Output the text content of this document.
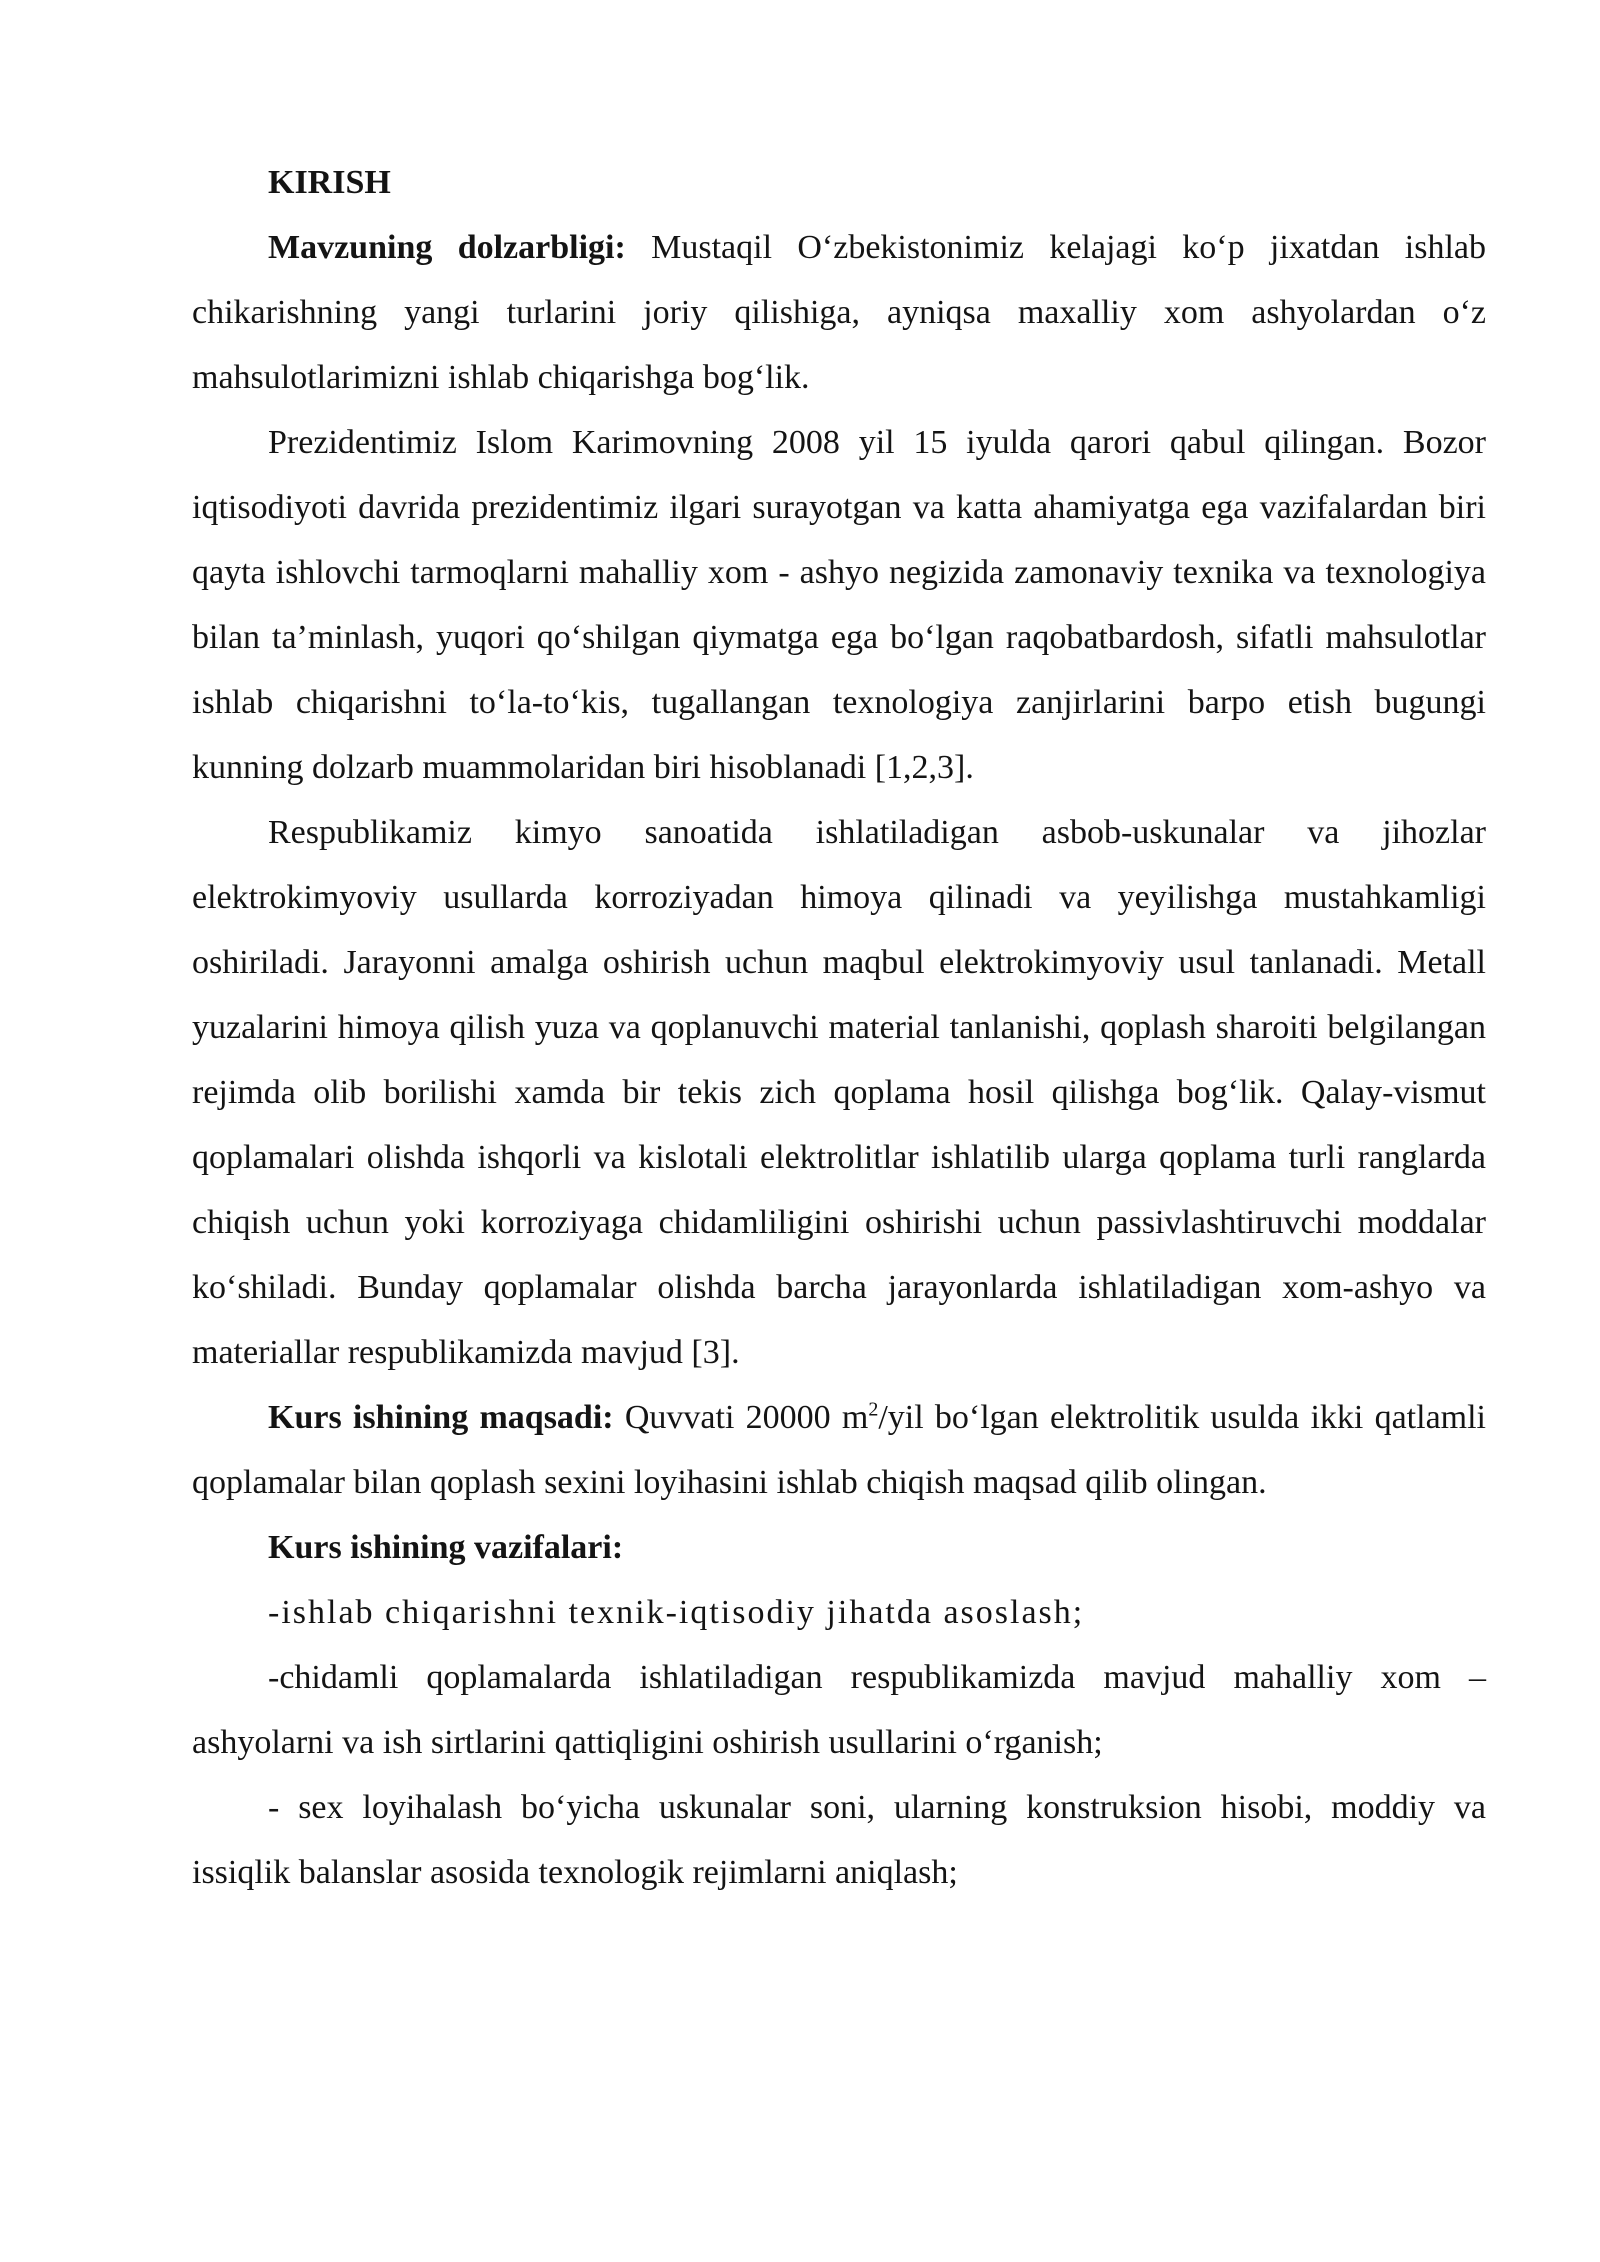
KIRISH

Mavzuning dolzarbligi: Mustaqil O‘zbekistonimiz kelajagi ko‘p jixatdan ishlab chikarishning yangi turlarini joriy qilishiga, ayniqsa maxalliy xom ashyolardan o‘z mahsulotlarimizni ishlab chiqarishga bog‘lik.

Prezidentimiz Islom Karimovning 2008 yil 15 iyulda qarori qabul qilingan. Bozor iqtisodiyoti davrida prezidentimiz ilgari surayotgan va katta ahamiyatga ega vazifalardan biri qayta ishlovchi tarmoqlarni mahalliy xom - ashyo negizida zamonaviy texnika va texnologiya bilan ta’minlash, yuqori qo‘shilgan qiymatga ega bo‘lgan raqobatbardosh, sifatli mahsulotlar ishlab chiqarishni to‘la-to‘kis, tugallangan texnologiya zanjirlarini barpo etish bugungi kunning dolzarb muammolaridan biri hisoblanadi [1,2,3].

Respublikamiz kimyo sanoatida ishlatiladigan asbob-uskunalar va jihozlar elektrokimyoviy usullarda korroziyadan himoya qilinadi va yeyilishga mustahkamligi oshiriladi. Jarayonni amalga oshirish uchun maqbul elektrokimyoviy usul tanlanadi. Metall yuzalarini himoya qilish yuza va qoplanuvchi material tanlanishi, qoplash sharoiti belgilangan rejimda olib borilishi xamda bir tekis zich qoplama hosil qilishga bog‘lik. Qalay-vismut qoplamalari olishda ishqorli va kislotali elektrolitlar ishlatilib ularga qoplama turli ranglarda chiqish uchun yoki korroziyaga chidamliligini oshirishi uchun passivlashtiruvchi moddalar ko‘shiladi. Bunday qoplamalar olishda barcha jarayonlarda ishlatiladigan xom-ashyo va materiallar respublikamizda mavjud [3].

Kurs ishining maqsadi: Quvvati 20000 $m^2$/yil bo‘lgan elektrolitik usulda ikki qatlamli qoplamalar bilan qoplash sexini loyihasini ishlab chiqish maqsad qilib olingan.

Kurs ishining vazifalari:

-ishlab chiqarishni texnik-iqtisodiy jihatda asoslash;

-chidamli qoplamalarda ishlatiladigan respublikamizda mavjud mahalliy xom – ashyolarni va ish sirtlarini qattiqligini oshirish usullarini o‘rganish;

- sex loyihalash bo‘yicha uskunalar soni, ularning konstruksion hisobi, moddiy va issiqlik balanslar asosida texnologik rejimlarni aniqlash;
